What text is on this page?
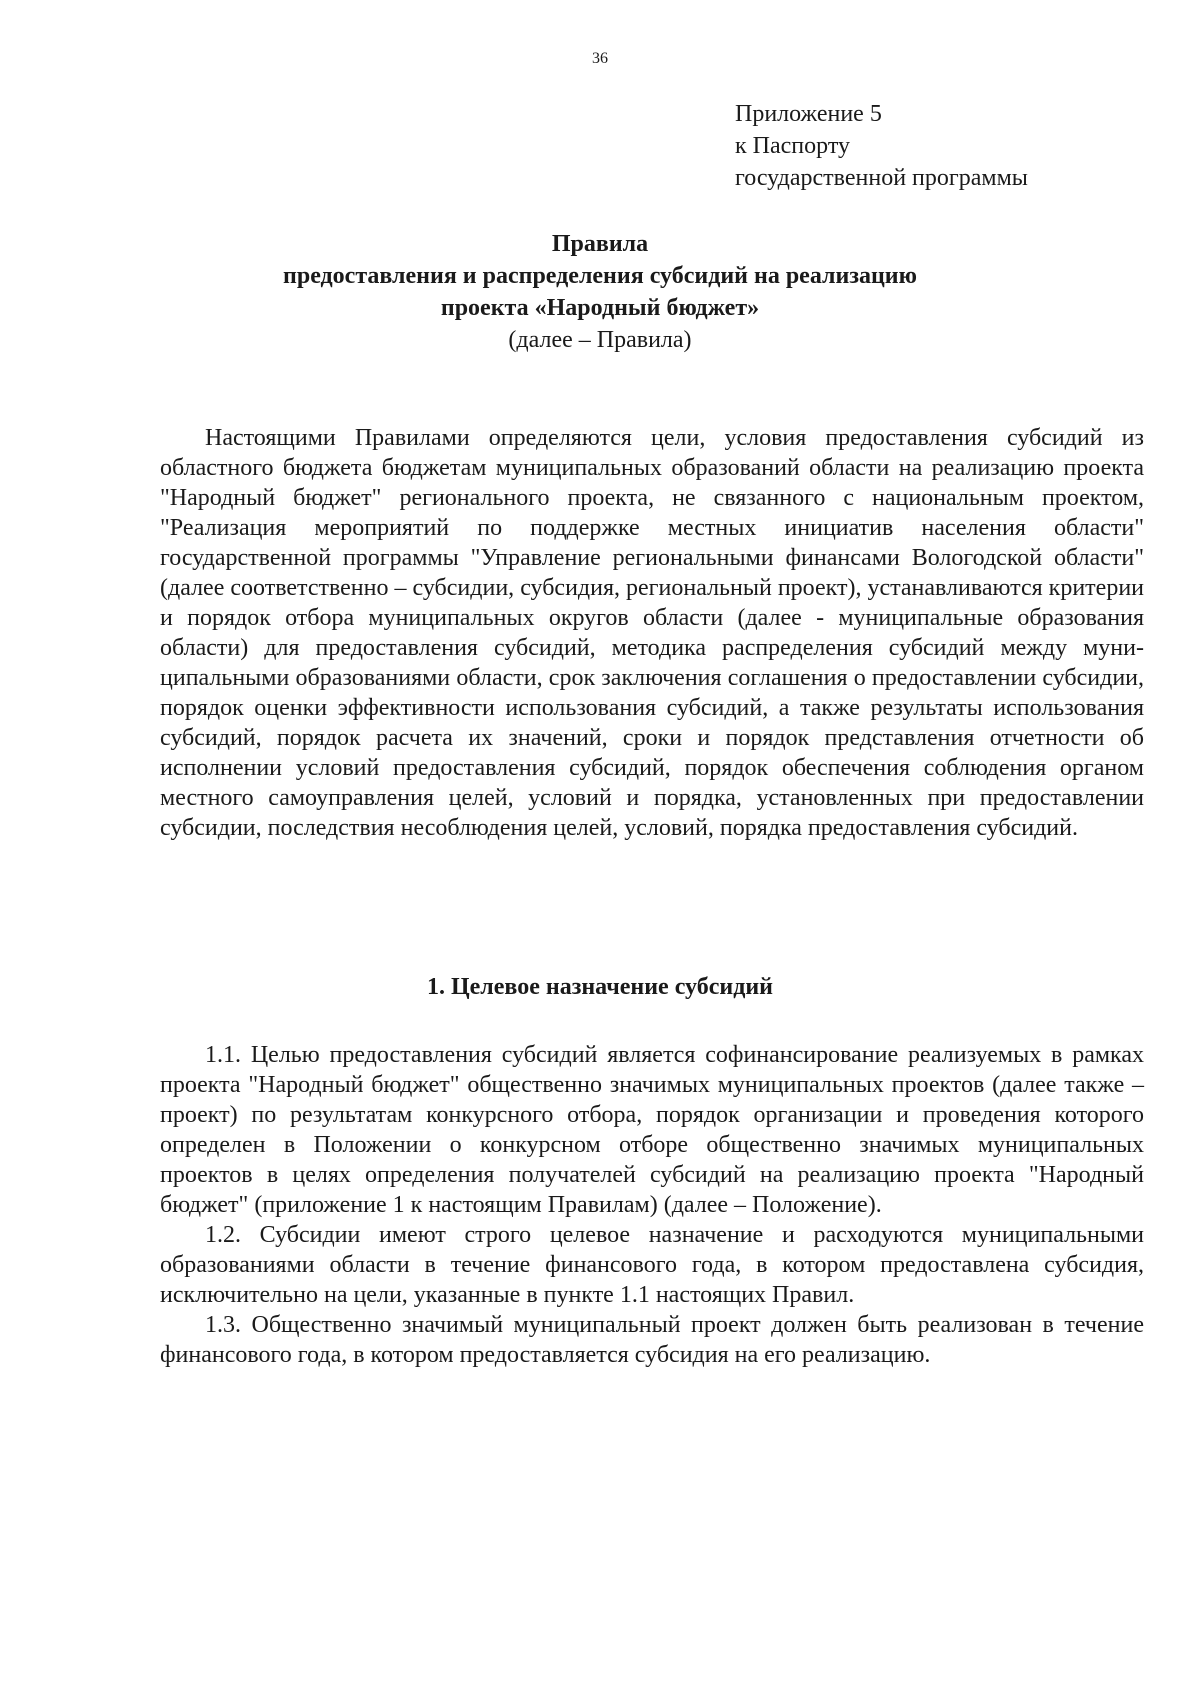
36
Приложение 5
к Паспорту
государственной программы
Правила
предоставления и распределения субсидий на реализацию
проекта «Народный бюджет»
(далее – Правила)

Настоящими Правилами определяются цели, условия предоставления субсидий из областного бюджета бюджетам муниципальных образований области на реализацию проекта "Народный бюджет" регионального проекта, не связанного с национальным проектом, "Реализация мероприятий по поддержке местных инициатив населения области" государственной программы "Управление региональными финансами Вологодской области" (далее соответственно – субсидии, субсидия, региональный проект), устанавливаются критерии и порядок отбора муниципальных округов области (далее - муниципальные образования области) для предоставления субсидий, методика распределения субсидий между муниципальными образованиями области, срок заключения соглашения о предоставлении субсидии, порядок оценки эффективности использования субсидий, а также результаты использования субсидий, порядок расчета их значений, сроки и порядок представления отчетности об исполнении условий предоставления субсидий, порядок обеспечения соблюдения органом местного самоуправления целей, условий и порядка, установленных при предоставлении субсидии, последствия несоблюдения целей, условий, порядка предоставления субсидий.

1. Целевое назначение субсидий

1.1. Целью предоставления субсидий является софинансирование реализуемых в рамках проекта "Народный бюджет" общественно значимых муниципальных проектов (далее также – проект) по результатам конкурсного отбора, порядок организации и проведения которого определен в Положении о конкурсном отборе общественно значимых муниципальных проектов в целях определения получателей субсидий на реализацию проекта "Народный бюджет" (приложение 1 к настоящим Правилам) (далее – Положение).

1.2. Субсидии имеют строго целевое назначение и расходуются муниципальными образованиями области в течение финансового года, в котором предоставлена субсидия, исключительно на цели, указанные в пункте 1.1 настоящих Правил.

1.3. Общественно значимый муниципальный проект должен быть реализован в течение финансового года, в котором предоставляется субсидия на его реализацию.
